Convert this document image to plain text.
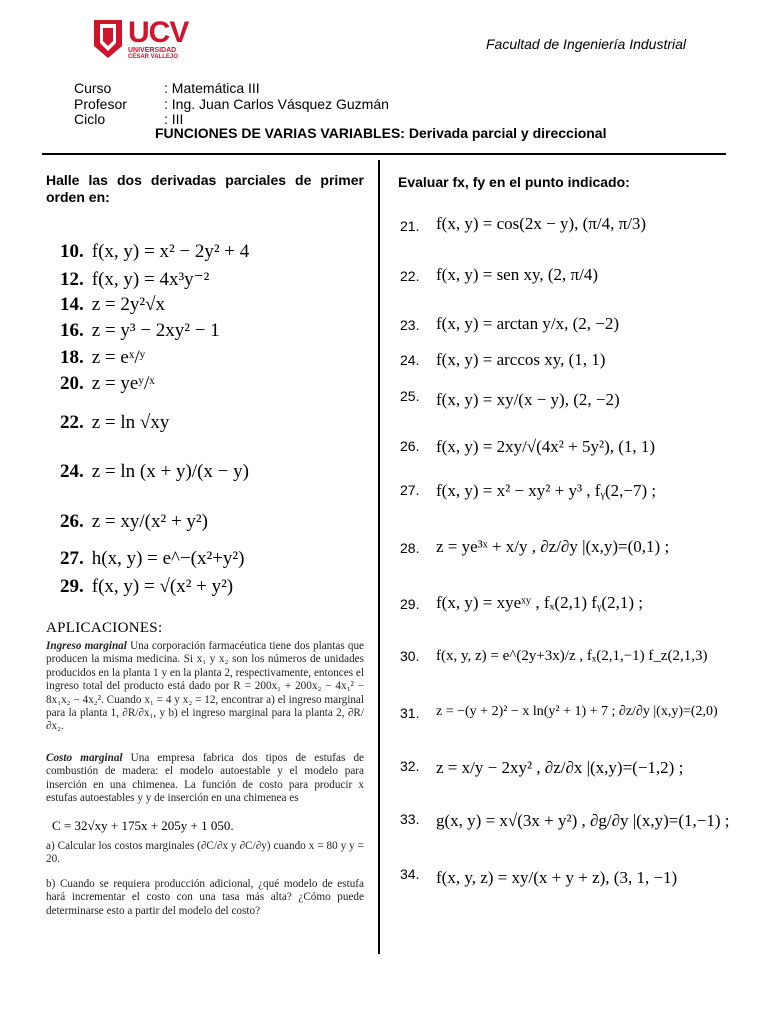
UCV
UNIVERSIDAD
CÉSAR VALLEJO
Facultad de Ingeniería Industrial
Curso	: Matemática III
Profesor	: Ing. Juan Carlos Vásquez Guzmán
Ciclo	: III
FUNCIONES DE VARIAS VARIABLES: Derivada parcial y direccional
Halle las dos derivadas parciales de primer orden en:
10. f(x, y) = x² − 2y² + 4
12. f(x, y) = 4x³y⁻²
14. z = 2y²√x
16. z = y³ − 2xy² − 1
18. z = eˣ/ʸ
20. z = yeʸ/ˣ
22. z = ln √xy
24. z = ln (x + y)/(x − y)
26. z = xy/(x² + y²)
27. h(x, y) = e^−(x²+y²)
29. f(x, y) = √(x² + y²)
APLICACIONES:
Ingreso marginal Una corporación farmacéutica tiene dos plantas que producen la misma medicina. Si x₁ y x₂ son los números de unidades producidos en la planta 1 y en la planta 2, respectivamente, entonces el ingreso total del producto está dado por R = 200x₁ + 200x₂ − 4x₁² − 8x₁x₂ − 4x₂². Cuando x₁ = 4 y x₂ = 12, encontrar a) el ingreso marginal para la planta 1, ∂R/∂x₁, y b) el ingreso marginal para la planta 2, ∂R/∂x₂.
Costo marginal Una empresa fabrica dos tipos de estufas de combustión de madera: el modelo autoestable y el modelo para inserción en una chimenea. La función de costo para producir x estufas autoestables y y de inserción en una chimenea es
C = 32√xy + 175x + 205y + 1 050.
a) Calcular los costos marginales (∂C/∂x y ∂C/∂y) cuando x = 80 y y = 20.
b) Cuando se requiera producción adicional, ¿qué modelo de estufa hará incrementar el costo con una tasa más alta? ¿Cómo puede determinarse esto a partir del modelo del costo?
Evaluar fx, fy en el punto indicado:
21. f(x, y) = cos(2x − y), (π/4, π/3)
22. f(x, y) = sen xy, (2, π/4)
23. f(x, y) = arctan y/x, (2, −2)
24. f(x, y) = arccos xy, (1, 1)
25. f(x, y) = xy/(x − y), (2, −2)
26. f(x, y) = 2xy/√(4x² + 5y²), (1, 1)
27. f(x, y) = x² − xy² + y³ , fᵧ(2,−7) ;
28. z = ye³ˣ + x/y , ∂z/∂y |(x,y)=(0,1) ;
29. f(x, y) = xyeˣʸ , fₓ(2,1) fᵧ(2,1) ;
30. f(x, y, z) = e^(2y+3x)/z , fₓ(2,1,−1) f_z(2,1,3)
31. z = −(y + 2)² − x ln(y² + 1) + 7 ; ∂z/∂y |(x,y)=(2,0)
32. z = x/y − 2xy² , ∂z/∂x |(x,y)=(−1,2) ;
33. g(x, y) = x√(3x + y²) , ∂g/∂y |(x,y)=(1,−1) ;
34. f(x, y, z) = xy/(x + y + z), (3, 1, −1)
